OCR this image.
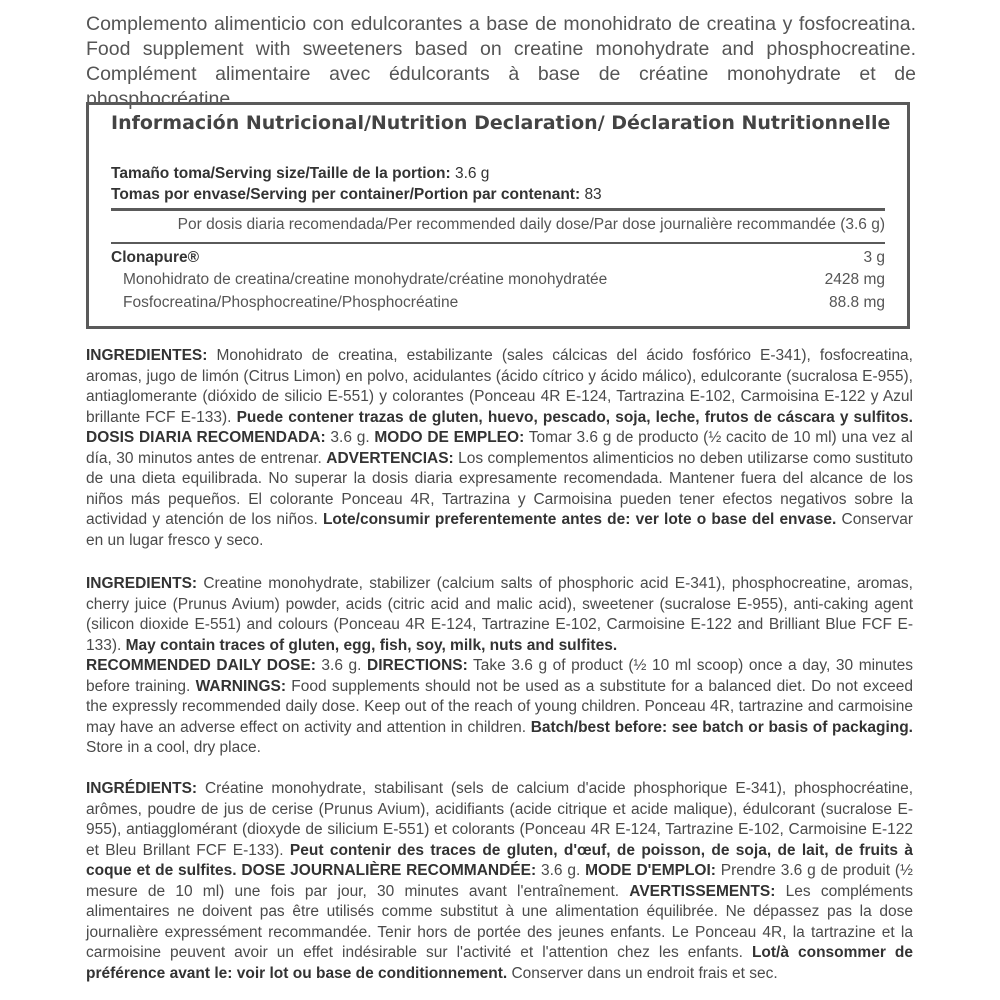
Complemento alimenticio con edulcorantes a base de monohidrato de creatina y fosfocreatina. Food supplement with sweeteners based on creatine monohydrate and phosphocreatine. Complément alimentaire avec édulcorants à base de créatine monohydrate et de phosphocréatine.

Información Nutricional/Nutrition Declaration/ Déclaration Nutritionnelle
Tamaño toma/Serving size/Taille de la portion: 3.6 g
Tomas por envase/Serving per container/Portion par contenant: 83
Por dosis diaria recomendada/Per recommended daily dose/Par dose journalière recommandée (3.6 g)
Clonapure®	3 g
Monohidrato de creatina/creatine monohydrate/créatine monohydratée	2428 mg
Fosfocreatina/Phosphocreatine/Phosphocréatine	88.8 mg

INGREDIENTES: Monohidrato de creatina, estabilizante (sales cálcicas del ácido fosfórico E-341), fosfocreatina, aromas, jugo de limón (Citrus Limon) en polvo, acidulantes (ácido cítrico y ácido málico), edulcorante (sucralosa E-955), antiaglomerante (dióxido de silicio E-551) y colorantes (Ponceau 4R E-124, Tartrazina E-102, Carmoisina E-122 y Azul brillante FCF E-133). Puede contener trazas de gluten, huevo, pescado, soja, leche, frutos de cáscara y sulfitos. DOSIS DIARIA RECOMENDADA: 3.6 g. MODO DE EMPLEO: Tomar 3.6 g de producto (½ cacito de 10 ml) una vez al día, 30 minutos antes de entrenar. ADVERTENCIAS: Los complementos alimenticios no deben utilizarse como sustituto de una dieta equilibrada. No superar la dosis diaria expresamente recomendada. Mantener fuera del alcance de los niños más pequeños. El colorante Ponceau 4R, Tartrazina y Carmoisina pueden tener efectos negativos sobre la actividad y atención de los niños. Lote/consumir preferentemente antes de: ver lote o base del envase. Conservar en un lugar fresco y seco.

INGREDIENTS: Creatine monohydrate, stabilizer (calcium salts of phosphoric acid E-341), phosphocreatine, aromas, cherry juice (Prunus Avium) powder, acids (citric acid and malic acid), sweetener (sucralose E-955), anti-caking agent (silicon dioxide E-551) and colours (Ponceau 4R E-124, Tartrazine E-102, Carmoisine E-122 and Brilliant Blue FCF E-133). May contain traces of gluten, egg, fish, soy, milk, nuts and sulfites.
RECOMMENDED DAILY DOSE: 3.6 g. DIRECTIONS: Take 3.6 g of product (½ 10 ml scoop) once a day, 30 minutes before training. WARNINGS: Food supplements should not be used as a substitute for a balanced diet. Do not exceed the expressly recommended daily dose. Keep out of the reach of young children. Ponceau 4R, tartrazine and carmoisine may have an adverse effect on activity and attention in children. Batch/best before: see batch or basis of packaging. Store in a cool, dry place.

INGRÉDIENTS: Créatine monohydrate, stabilisant (sels de calcium d'acide phosphorique E-341), phosphocréatine, arômes, poudre de jus de cerise (Prunus Avium), acidifiants (acide citrique et acide malique), édulcorant (sucralose E-955), antiagglomérant (dioxyde de silicium E-551) et colorants (Ponceau 4R E-124, Tartrazine E-102, Carmoisine E-122 et Bleu Brillant FCF E-133). Peut contenir des traces de gluten, d'œuf, de poisson, de soja, de lait, de fruits à coque et de sulfites. DOSE JOURNALIÈRE RECOMMANDÉE: 3.6 g. MODE D'EMPLOI: Prendre 3.6 g de produit (½ mesure de 10 ml) une fois par jour, 30 minutes avant l'entraînement. AVERTISSEMENTS: Les compléments alimentaires ne doivent pas être utilisés comme substitut à une alimentation équilibrée. Ne dépassez pas la dose journalière expressément recommandée. Tenir hors de portée des jeunes enfants. Le Ponceau 4R, la tartrazine et la carmoisine peuvent avoir un effet indésirable sur l'activité et l'attention chez les enfants. Lot/à consommer de préférence avant le: voir lot ou base de conditionnement. Conserver dans un endroit frais et sec.
